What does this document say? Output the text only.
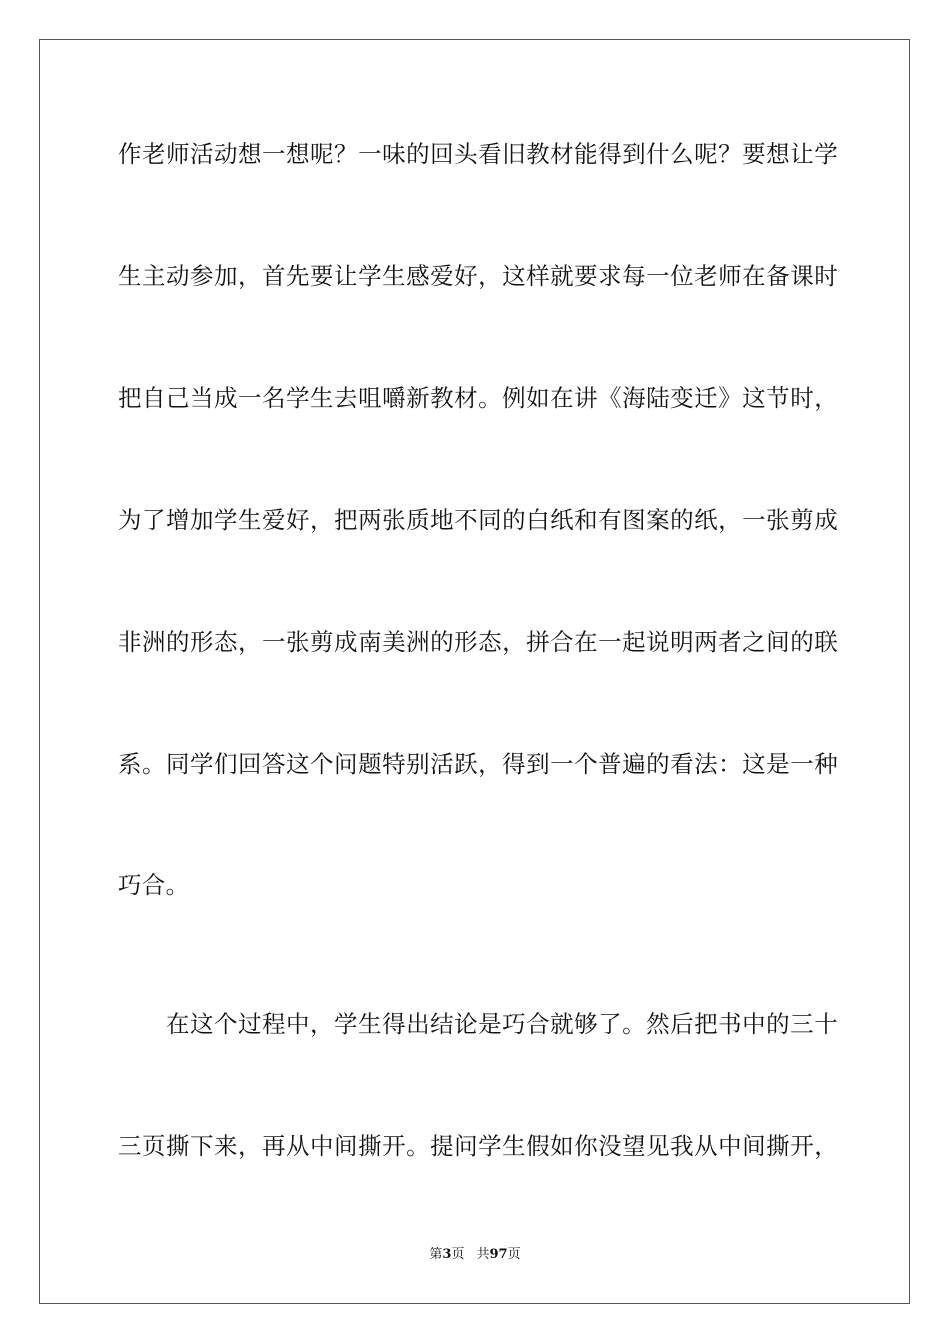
作老师活动想一想呢？一味的回头看旧教材能得到什么呢？要想让学
生主动参加，首先要让学生感爱好，这样就要求每一位老师在备课时
把自己当成一名学生去咀嚼新教材。例如在讲《海陆变迁》这节时，
为了增加学生爱好，把两张质地不同的白纸和有图案的纸，一张剪成
非洲的形态，一张剪成南美洲的形态，拼合在一起说明两者之间的联
系。同学们回答这个问题特别活跃，得到一个普遍的看法：这是一种
巧合。
在这个过程中，学生得出结论是巧合就够了。然后把书中的三十
三页撕下来，再从中间撕开。提问学生假如你没望见我从中间撕开，
第3页 共97页
